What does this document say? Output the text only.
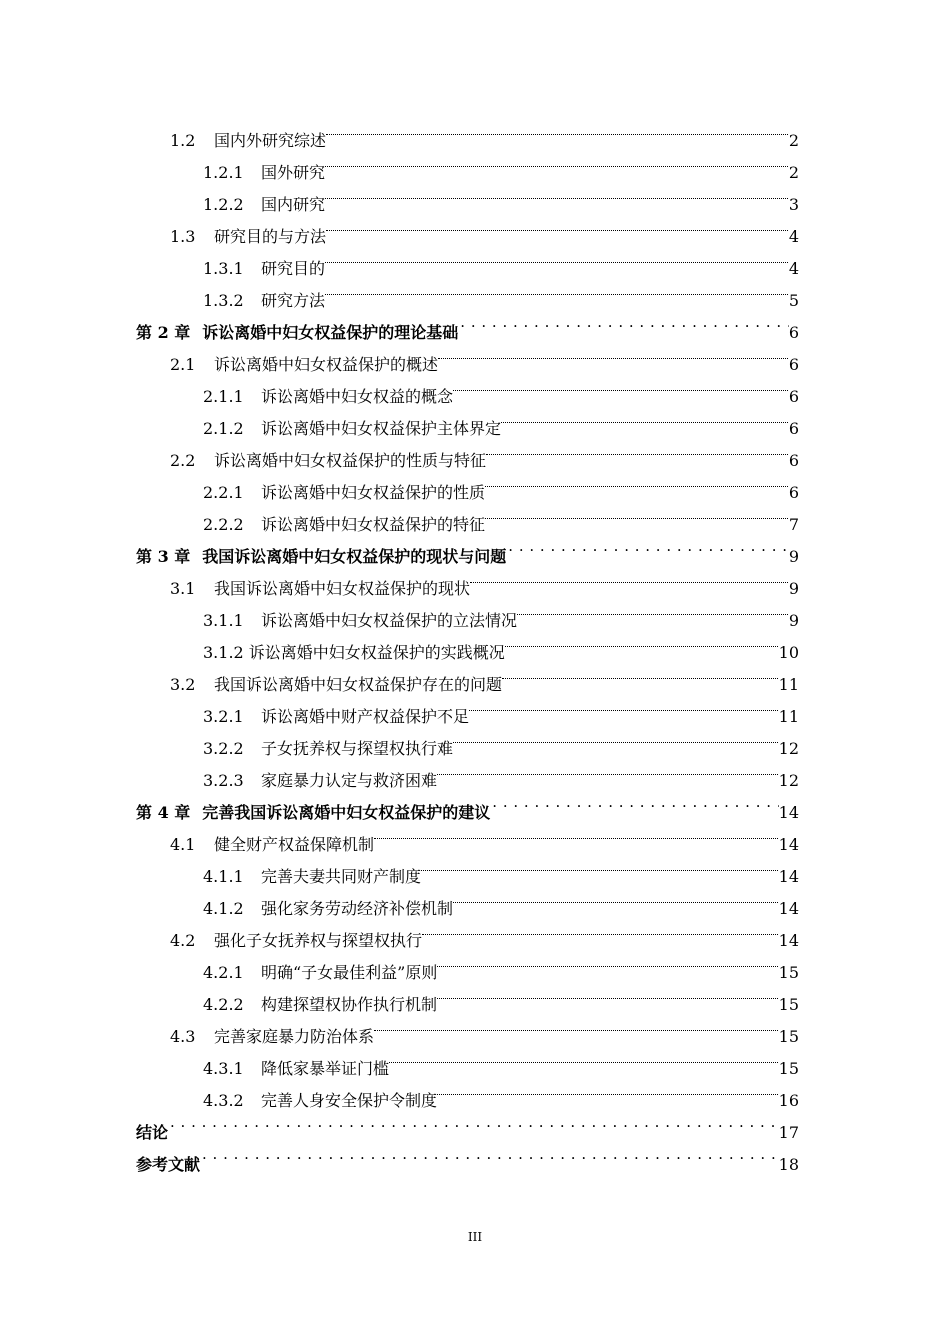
1.2	国内外研究综述	2
1.2.1	国外研究	2
1.2.2	国内研究	3
1.3	研究目的与方法	4
1.3.1	研究目的	4
1.3.2	研究方法	5
第 2 章 诉讼离婚中妇女权益保护的理论基础 . . .	6
2.1	诉讼离婚中妇女权益保护的概述	6
2.1.1	诉讼离婚中妇女权益的概念	6
2.1.2	诉讼离婚中妇女权益保护主体界定	6
2.2	诉讼离婚中妇女权益保护的性质与特征	6
2.2.1	诉讼离婚中妇女权益保护的性质	6
2.2.2	诉讼离婚中妇女权益保护的特征	7
第 3 章 我国诉讼离婚中妇女权益保护的现状与问题 . . .	9
3.1	我国诉讼离婚中妇女权益保护的现状	9
3.1.1	诉讼离婚中妇女权益保护的立法情况	9
3.1.2 诉讼离婚中妇女权益保护的实践概况	10
3.2	我国诉讼离婚中妇女权益保护存在的问题	11
3.2.1	诉讼离婚中财产权益保护不足	11
3.2.2	子女抚养权与探望权执行难	12
3.2.3	家庭暴力认定与救济困难	12
第 4 章 完善我国诉讼离婚中妇女权益保护的建议 . . .	14
4.1	健全财产权益保障机制	14
4.1.1	完善夫妻共同财产制度	14
4.1.2	强化家务劳动经济补偿机制	14
4.2	强化子女抚养权与探望权执行	14
4.2.1	明确“子女最佳利益”原则	15
4.2.2	构建探望权协作执行机制	15
4.3	完善家庭暴力防治体系	15
4.3.1	降低家暴举证门槛	15
4.3.2	完善人身安全保护令制度	16
结论 . . .	17
参考文献 . . .	18
III
